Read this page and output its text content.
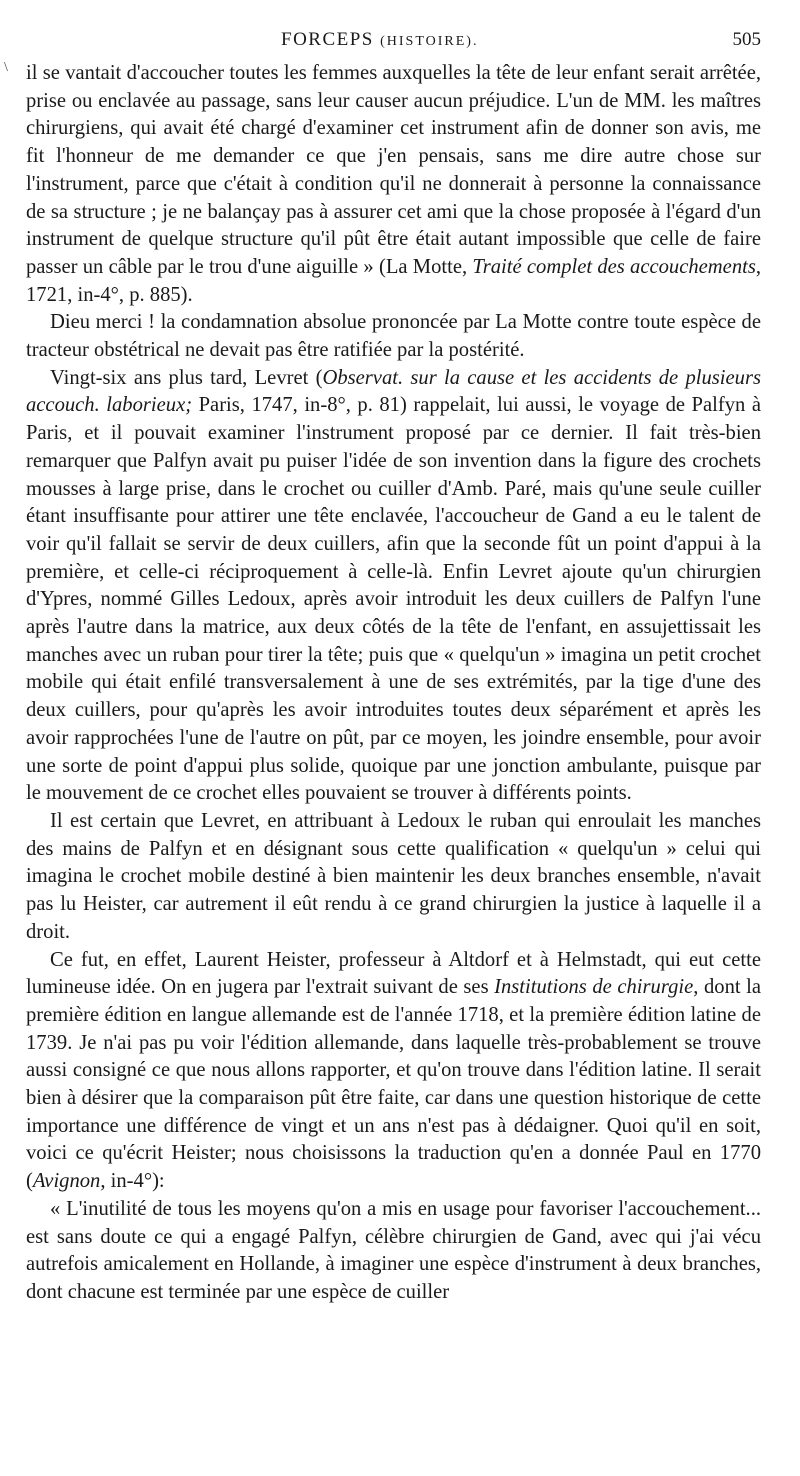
FORCEPS (HISTOIRE).	505

il se vantait d'accoucher toutes les femmes auxquelles la tête de leur enfant serait arrêtée, prise ou enclavée au passage, sans leur causer aucun préjudice. L'un de MM. les maîtres chirurgiens, qui avait été chargé d'examiner cet instrument afin de donner son avis, me fit l'honneur de me demander ce que j'en pensais, sans me dire autre chose sur l'instrument, parce que c'était à condition qu'il ne donnerait à personne la connaissance de sa structure ; je ne balançay pas à assurer cet ami que la chose proposée à l'égard d'un instrument de quelque structure qu'il pût être était autant impossible que celle de faire passer un câble par le trou d'une aiguille » (La Motte, Traité complet des accouchements, 1721, in-4°, p. 885).

Dieu merci ! la condamnation absolue prononcée par La Motte contre toute espèce de tracteur obstétrical ne devait pas être ratifiée par la postérité.

Vingt-six ans plus tard, Levret (Observat. sur la cause et les accidents de plusieurs accouch. laborieux; Paris, 1747, in-8°, p. 81) rappelait, lui aussi, le voyage de Palfyn à Paris, et il pouvait examiner l'instrument proposé par ce dernier. Il fait très-bien remarquer que Palfyn avait pu puiser l'idée de son invention dans la figure des crochets mousses à large prise, dans le crochet ou cuiller d'Amb. Paré, mais qu'une seule cuiller étant insuffisante pour attirer une tête enclavée, l'accoucheur de Gand a eu le talent de voir qu'il fallait se servir de deux cuillers, afin que la seconde fût un point d'appui à la première, et celle-ci réciproquement à celle-là. Enfin Levret ajoute qu'un chirurgien d'Ypres, nommé Gilles Ledoux, après avoir introduit les deux cuillers de Palfyn l'une après l'autre dans la matrice, aux deux côtés de la tête de l'enfant, en assujettissait les manches avec un ruban pour tirer la tête; puis que « quelqu'un » imagina un petit crochet mobile qui était enfilé transversalement à une de ses extrémités, par la tige d'une des deux cuillers, pour qu'après les avoir introduites toutes deux séparément et après les avoir rapprochées l'une de l'autre on pût, par ce moyen, les joindre ensemble, pour avoir une sorte de point d'appui plus solide, quoique par une jonction ambulante, puisque par le mouvement de ce crochet elles pouvaient se trouver à différents points.

Il est certain que Levret, en attribuant à Ledoux le ruban qui enroulait les manches des mains de Palfyn et en désignant sous cette qualification « quelqu'un » celui qui imagina le crochet mobile destiné à bien maintenir les deux branches ensemble, n'avait pas lu Heister, car autrement il eût rendu à ce grand chirurgien la justice à laquelle il a droit.

Ce fut, en effet, Laurent Heister, professeur à Altdorf et à Helmstadt, qui eut cette lumineuse idée. On en jugera par l'extrait suivant de ses Institutions de chirurgie, dont la première édition en langue allemande est de l'année 1718, et la première édition latine de 1739. Je n'ai pas pu voir l'édition allemande, dans laquelle très-probablement se trouve aussi consigné ce que nous allons rapporter, et qu'on trouve dans l'édition latine. Il serait bien à désirer que la comparaison pût être faite, car dans une question historique de cette importance une différence de vingt et un ans n'est pas à dédaigner. Quoi qu'il en soit, voici ce qu'écrit Heister; nous choisissons la traduction qu'en a donnée Paul en 1770 (Avignon, in-4°):

« L'inutilité de tous les moyens qu'on a mis en usage pour favoriser l'accouchement... est sans doute ce qui a engagé Palfyn, célèbre chirurgien de Gand, avec qui j'ai vécu autrefois amicalement en Hollande, à imaginer une espèce d'instrument à deux branches, dont chacune est terminée par une espèce de cuiller

\
